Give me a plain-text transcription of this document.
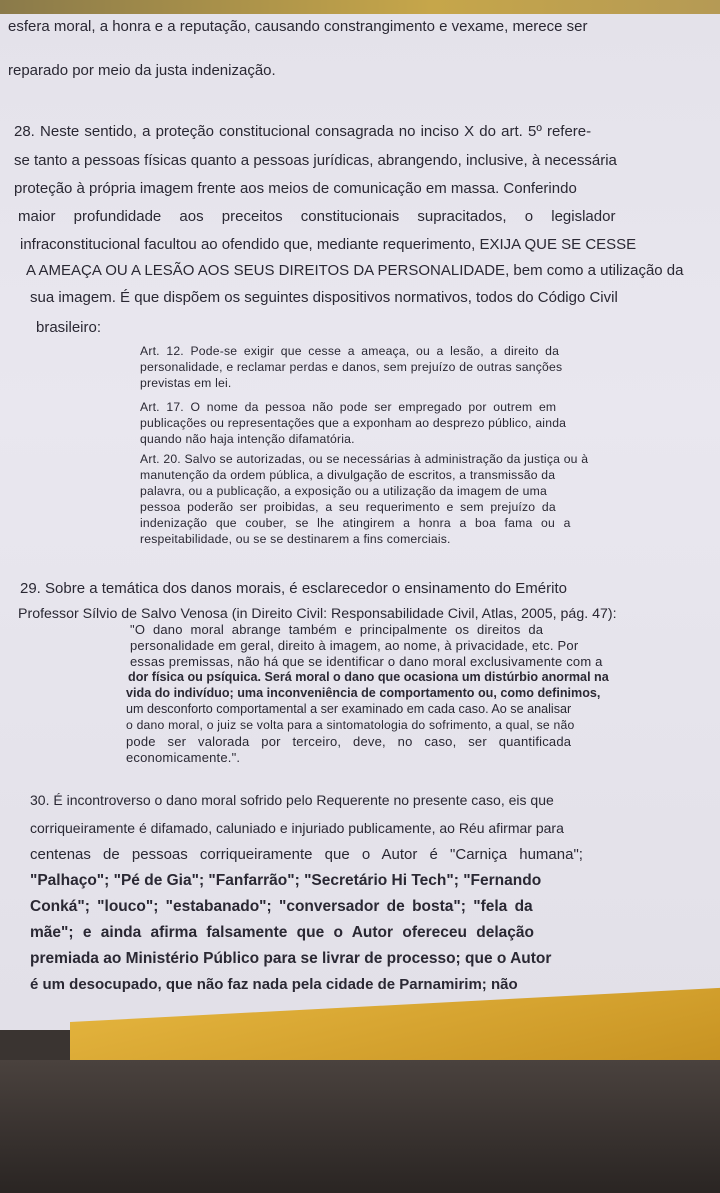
esfera moral, a honra e a reputação, causando constrangimento e vexame, merece ser
reparado por meio da justa indenização.
28. Neste sentido, a proteção constitucional consagrada no inciso X do art. 5º refere-
se tanto a pessoas físicas quanto a pessoas jurídicas, abrangendo, inclusive, à necessária
proteção à própria imagem frente aos meios de comunicação em massa. Conferindo
maior profundidade aos preceitos constitucionais supracitados, o legislador
infraconstitucional facultou ao ofendido que, mediante requerimento, EXIJA QUE SE CESSE
A AMEAÇA OU A LESÃO AOS SEUS DIREITOS DA PERSONALIDADE, bem como a utilização da
sua imagem. É que dispõem os seguintes dispositivos normativos, todos do Código Civil
brasileiro:
Art. 12. Pode-se exigir que cesse a ameaça, ou a lesão, a direito da
personalidade, e reclamar perdas e danos, sem prejuízo de outras sanções
previstas em lei.
Art. 17. O nome da pessoa não pode ser empregado por outrem em
publicações ou representações que a exponham ao desprezo público, ainda
quando não haja intenção difamatória.
Art. 20. Salvo se autorizadas, ou se necessárias à administração da justiça ou à
manutenção da ordem pública, a divulgação de escritos, a transmissão da
palavra, ou a publicação, a exposição ou a utilização da imagem de uma
pessoa poderão ser proibidas, a seu requerimento e sem prejuízo da
indenização que couber, se lhe atingirem a honra a boa fama ou a
respeitabilidade, ou se se destinarem a fins comerciais.
29. Sobre a temática dos danos morais, é esclarecedor o ensinamento do Emérito
Professor Sílvio de Salvo Venosa (in Direito Civil: Responsabilidade Civil, Atlas, 2005, pág. 47):
"O dano moral abrange também e principalmente os direitos da
personalidade em geral, direito à imagem, ao nome, à privacidade, etc. Por
essas premissas, não há que se identificar o dano moral exclusivamente com a
dor física ou psíquica. Será moral o dano que ocasiona um distúrbio anormal na
vida do indivíduo; uma inconveniência de comportamento ou, como definimos,
um desconforto comportamental a ser examinado em cada caso. Ao se analisar
o dano moral, o juiz se volta para a sintomatologia do sofrimento, a qual, se não
pode ser valorada por terceiro, deve, no caso, ser quantificada
economicamente.".
30. É incontroverso o dano moral sofrido pelo Requerente no presente caso, eis que
corriqueiramente é difamado, caluniado e injuriado publicamente, ao Réu afirmar para
centenas de pessoas corriqueiramente que o Autor é "Carniça humana";
"Palhaço"; "Pé de Gia"; "Fanfarrão"; "Secretário Hi Tech"; "Fernando
Conká"; "louco"; "estabanado"; "conversador de bosta"; "fela da
mãe"; e ainda afirma falsamente que o Autor ofereceu delação
premiada ao Ministério Público para se livrar de processo; que o Autor
é um desocupado, que não faz nada pela cidade de Parnamirim; não
